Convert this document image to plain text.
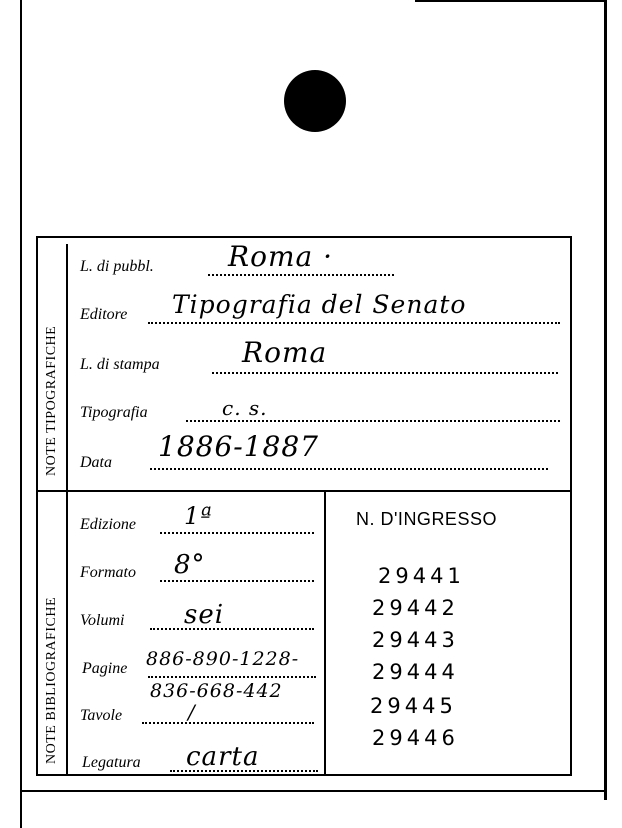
NOTE TIPOGRAFICHE
NOTE BIBLIOGRAFICHE
L. di pubbl.	Roma ·
Editore Tipografia del Senato
L. di stampa	Roma
Tipografia	c. s.
Data 1886-1887
Edizione 1ª
Formato 8°
Volumi sei
Pagine 886-890-1228-
836-668-442
Tavole	/
Legatura carta
N. D'INGRESSO
29441
29442
29443
29444
29445
29446
